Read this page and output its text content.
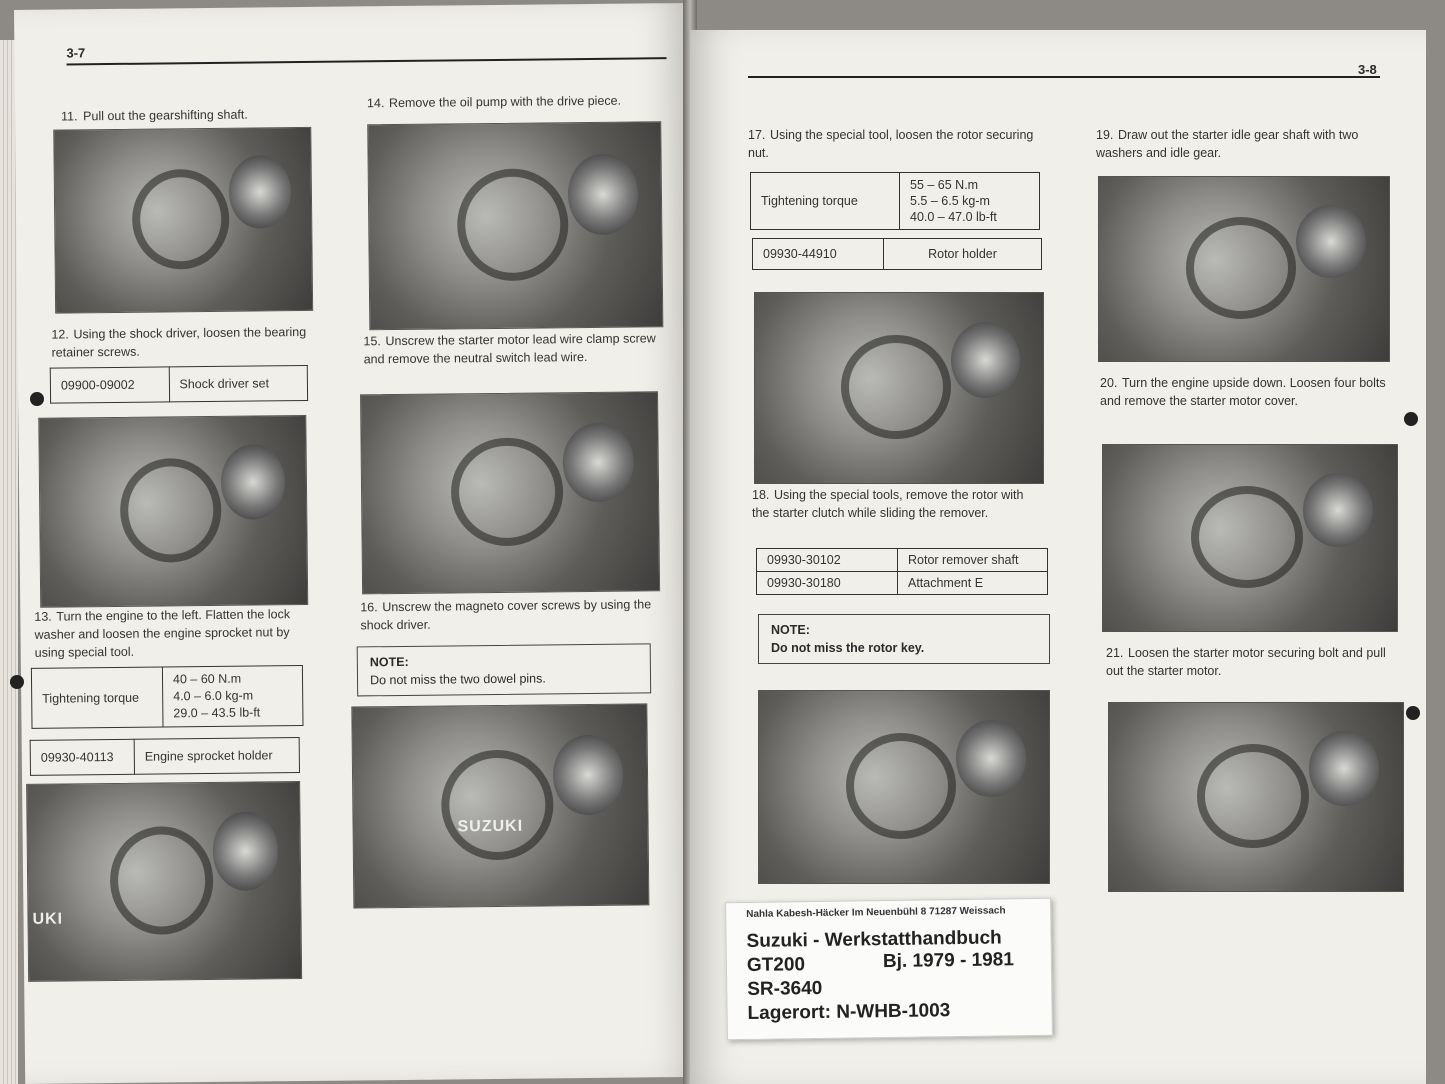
3-7
11. Pull out the gearshifting shaft.
12. Using the shock driver, loosen the bearing retainer screws.
09900-09002	Shock driver set
13. Turn the engine to the left. Flatten the lock washer and loosen the engine sprocket nut by using special tool.
Tightening torque	
40 – 60 N.m
4.0 – 6.0 kg-m
29.0 – 43.5 lb-ft
09930-40113	Engine sprocket holder
UKI
14. Remove the oil pump with the drive piece.
15. Unscrew the starter motor lead wire clamp screw and remove the neutral switch lead wire.
16. Unscrew the magneto cover screws by using the shock driver.
NOTE:
Do not miss the two dowel pins.
SUZUKI
3-8
17. Using the special tool, loosen the rotor securing nut.
Tightening torque	
55 – 65 N.m
5.5 – 6.5 kg-m
40.0 – 47.0 lb-ft
09930-44910	Rotor holder
18. Using the special tools, remove the rotor with the starter clutch while sliding the remover.
09930-30102	Rotor remover shaft
09930-30180	Attachment E
NOTE:
Do not miss the rotor key.
19. Draw out the starter idle gear shaft with two washers and idle gear.
20. Turn the engine upside down. Loosen four bolts and remove the starter motor cover.
21. Loosen the starter motor securing bolt and pull out the starter motor.
Nahla Kabesh-Häcker Im Neuenbühl 8 71287 Weissach
Suzuki - Werkstatthandbuch
GT200	Bj. 1979 - 1981
SR-3640
Lagerort: N-WHB-1003
